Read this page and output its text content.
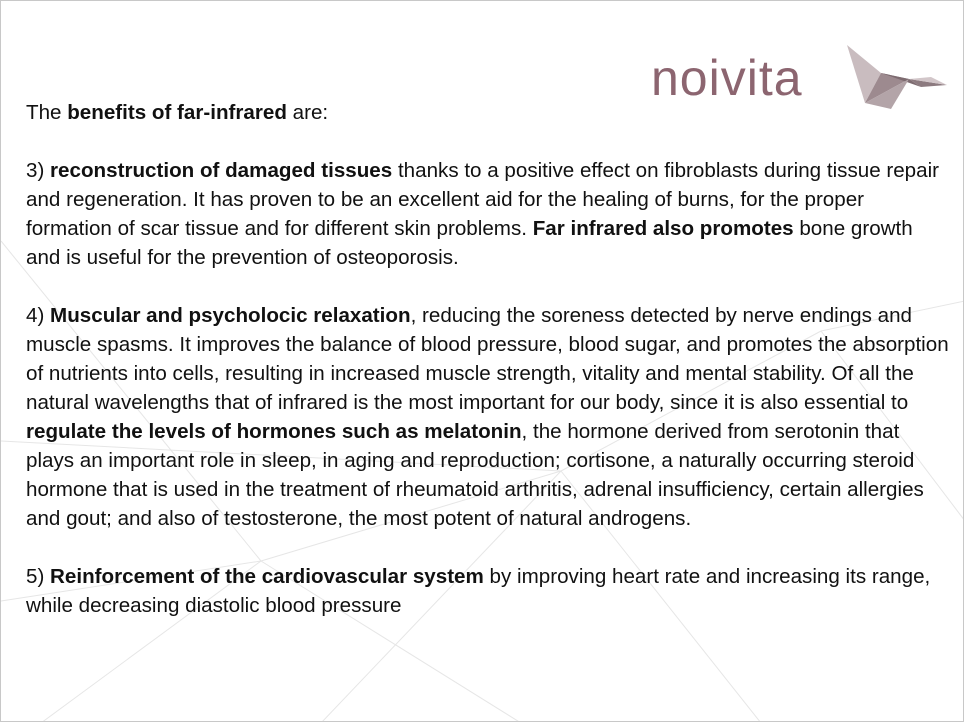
noivita

The benefits of far-infrared are:

3) reconstruction of damaged tissues thanks to a positive effect on fibroblasts during tissue repair and regeneration. It has proven to be an excellent aid for the healing of burns, for the proper formation of scar tissue and for different skin problems. Far infrared also promotes bone growth and is useful for the prevention of osteoporosis.

4) Muscular and psycholocic relaxation, reducing the soreness detected by nerve endings and muscle spasms. It improves the balance of blood pressure, blood sugar, and promotes the absorption of nutrients into cells, resulting in increased muscle strength, vitality and mental stability. Of all the natural wavelengths that of infrared is the most important for our body, since it is also essential to regulate the levels of hormones such as melatonin, the hormone derived from serotonin that plays an important role in sleep, in aging and reproduction; cortisone, a naturally occurring steroid hormone that is used in the treatment of rheumatoid arthritis, adrenal insufficiency, certain allergies and gout; and also of testosterone, the most potent of natural androgens.

5) Reinforcement of the cardiovascular system by improving heart rate and increasing its range, while decreasing diastolic blood pressure
